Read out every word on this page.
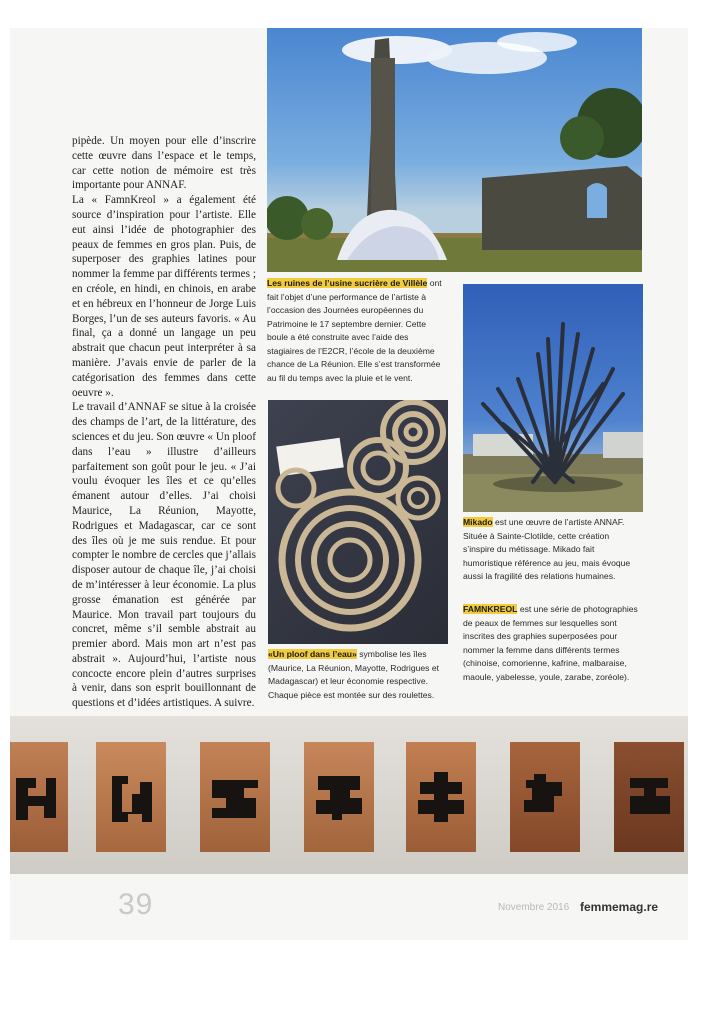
pipède. Un moyen pour elle d’inscrire cette œuvre dans l’espace et le temps, car cette notion de mémoire est très importante pour ANNAF.

La « FamnKreol » a également été source d’inspiration pour l’artiste. Elle eut ainsi l’idée de photographier des peaux de femmes en gros plan. Puis, de superposer des graphies latines pour nommer la femme par différents termes ; en créole, en hindi, en chinois, en arabe et en hébreux en l’honneur de Jorge Luis Borges, l’un de ses auteurs favoris. « Au final, ça a donné un langage un peu abstrait que chacun peut interpréter à sa manière. J’avais envie de parler de la catégorisation des femmes dans cette oeuvre ».

Le travail d’ANNAF se situe à la croisée des champs de l’art, de la littérature, des sciences et du jeu. Son œuvre « Un ploof dans l’eau » illustre d’ailleurs parfaitement son goût pour le jeu. « J’ai voulu évoquer les îles et ce qu’elles émanent autour d’elles. J’ai choisi Maurice, La Réunion, Mayotte, Rodrigues et Madagascar, car ce sont des îles où je me suis rendue. Et pour compter le nombre de cercles que j’allais disposer autour de chaque île, j’ai choisi de m’intéresser à leur économie. La plus grosse émanation est générée par Maurice. Mon travail part toujours du concret, même s’il semble abstrait au premier abord. Mais mon art n’est pas abstrait ». Aujourd’hui, l’artiste nous concocte encore plein d’autres surprises à venir, dans son esprit bouillonnant de questions et d’idées artistiques. A suivre.

Les ruines de l’usine sucrière de Villèle ont fait l’objet d’une performance de l’artiste à l’occasion des Journées européennes du Patrimoine le 17 septembre dernier. Cette boule a été construite avec l’aide des stagiaires de l’E2CR, l’école de la deuxième chance de La Réunion. Elle s’est transformée au fil du temps avec la pluie et le vent.
«Un ploof dans l’eau» symbolise les îles (Maurice, La Réunion, Mayotte, Rodrigues et Madagascar) et leur économie respective. Chaque pièce est montée sur des roulettes.
Mikado est une œuvre de l’artiste ANNAF. Située à Sainte-Clotilde, cette création s’inspire du métissage. Mikado fait humoristique référence au jeu, mais évoque aussi la fragilité des relations humaines.
FAMNKREOL est une série de photographies de peaux de femmes sur lesquelles sont inscrites des graphies superposées pour nommer la femme dans différents termes (chinoise, comorienne, kafrine, malbaraise, maoule, yabelesse, youle, zarabe, zoréole).
39	Novembre 2016 femmemag.re
